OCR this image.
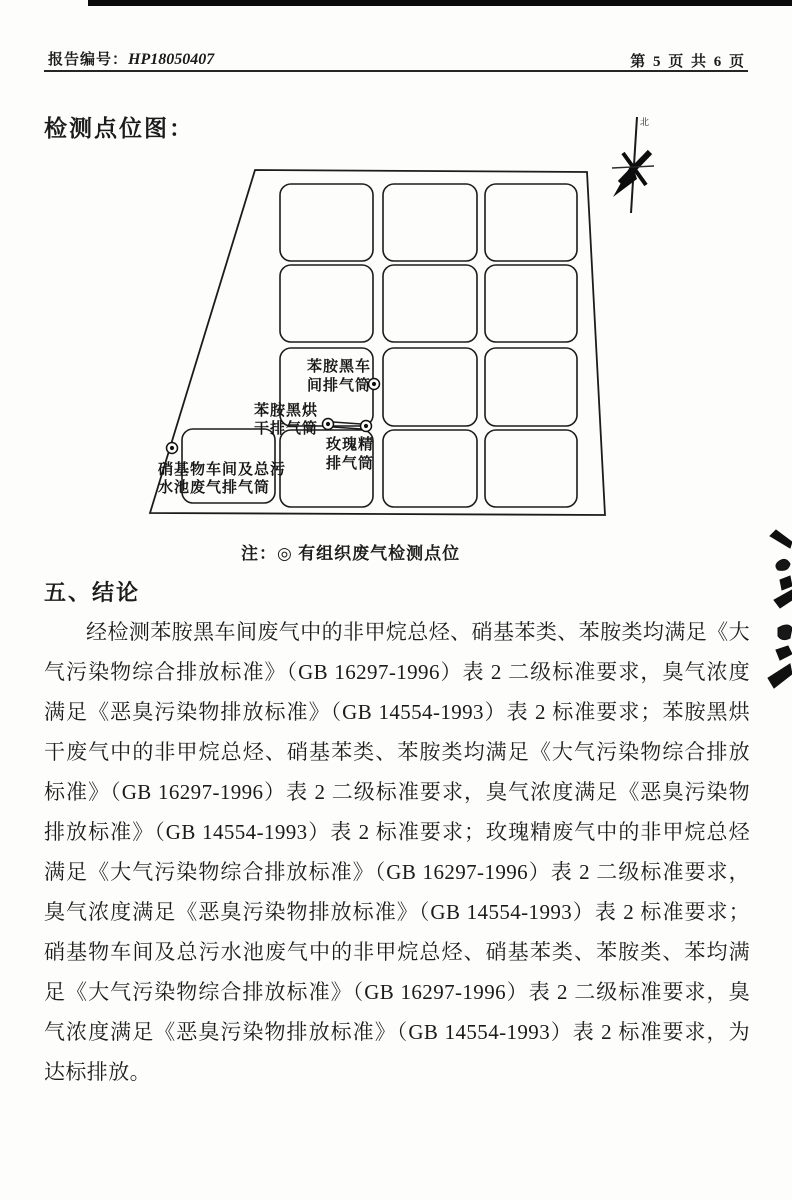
报告编号：HP18050407	第 5 页 共 6 页
检测点位图：
苯胺黑车
间排气筒
苯胺黑烘
干排气筒
玫瑰精
排气筒
硝基物车间及总污
水池废气排气筒
北
注：◎ 有组织废气检测点位
五、结论

经检测苯胺黑车间废气中的非甲烷总烃、硝基苯类、苯胺类均满足《大气污染物综合排放标准》（GB 16297-1996）表 2 二级标准要求，臭气浓度满足《恶臭污染物排放标准》（GB 14554-1993）表 2 标准要求；苯胺黑烘干废气中的非甲烷总烃、硝基苯类、苯胺类均满足《大气污染物综合排放标准》（GB 16297-1996）表 2 二级标准要求，臭气浓度满足《恶臭污染物排放标准》（GB 14554-1993）表 2 标准要求；玫瑰精废气中的非甲烷总烃满足《大气污染物综合排放标准》（GB 16297-1996）表 2 二级标准要求，臭气浓度满足《恶臭污染物排放标准》（GB 14554-1993）表 2 标准要求；硝基物车间及总污水池废气中的非甲烷总烃、硝基苯类、苯胺类、苯均满足《大气污染物综合排放标准》（GB 16297-1996）表 2 二级标准要求，臭气浓度满足《恶臭污染物排放标准》（GB 14554-1993）表 2 标准要求，为达标排放。
